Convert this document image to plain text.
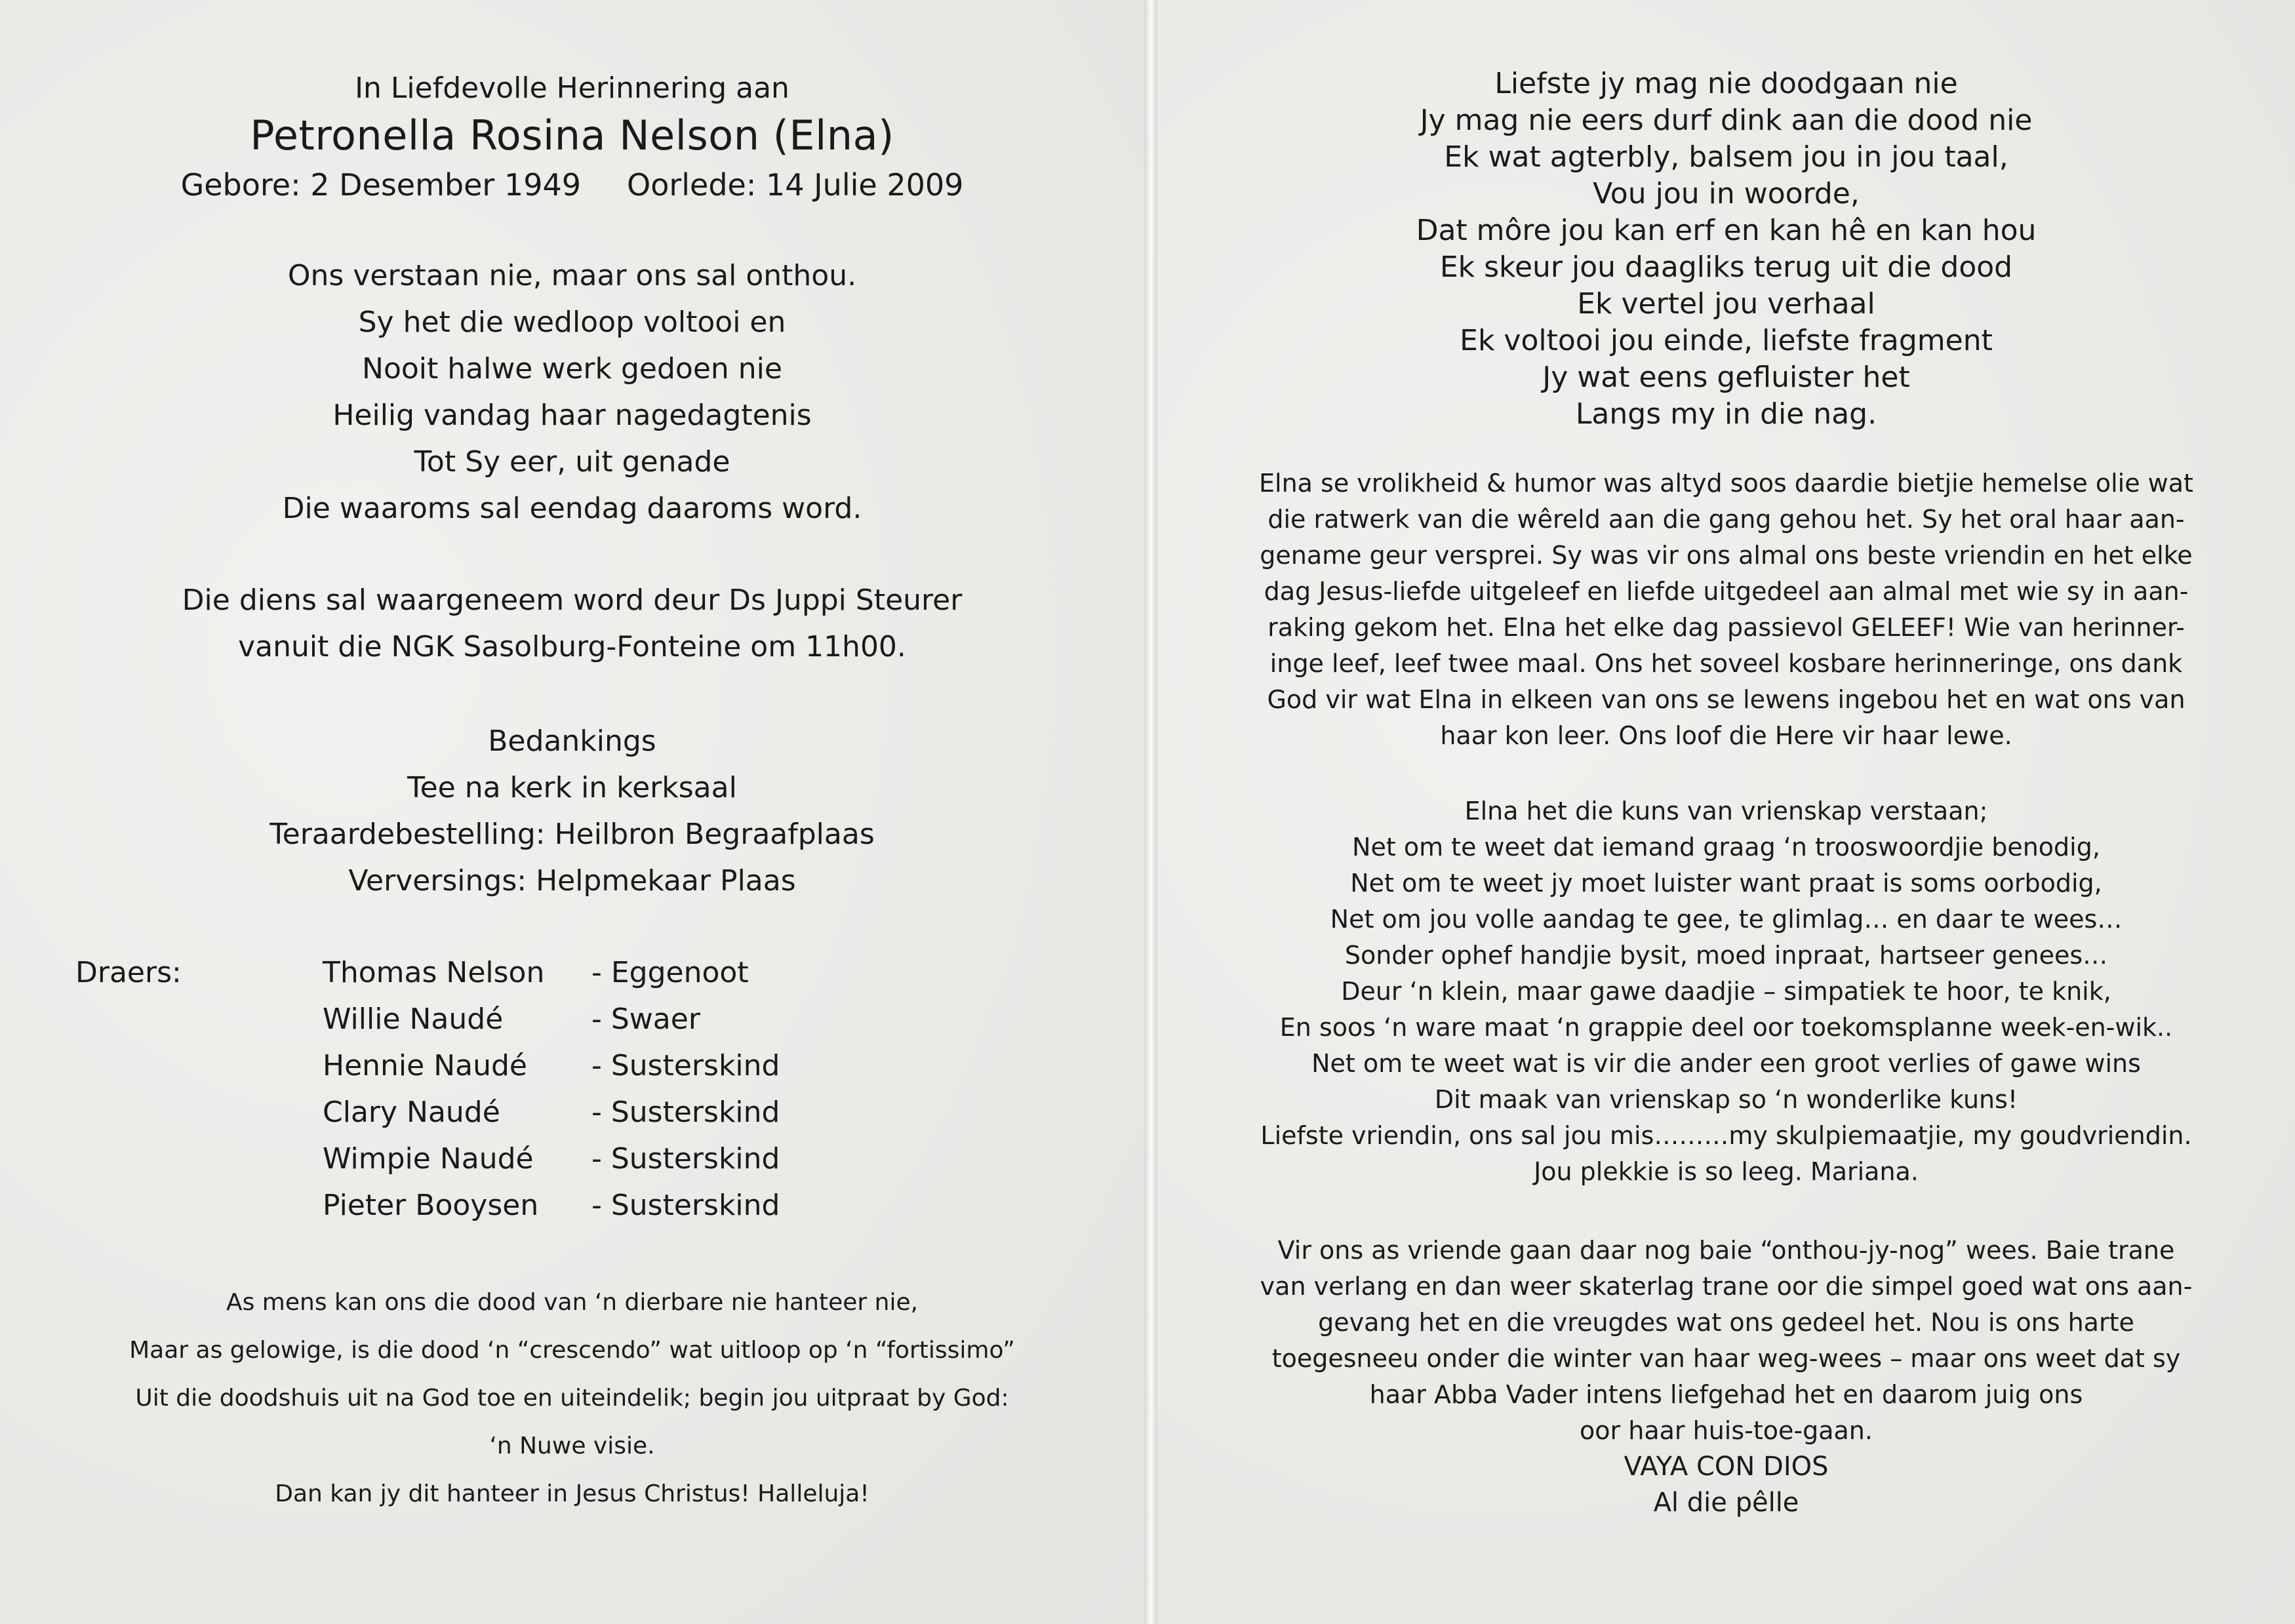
In Liefdevolle Herinnering aan
Petronella Rosina Nelson (Elna)
Gebore: 2 Desember 1949 Oorlede: 14 Julie 2009
Ons verstaan nie, maar ons sal onthou.
Sy het die wedloop voltooi en
Nooit halwe werk gedoen nie
Heilig vandag haar nagedagtenis
Tot Sy eer, uit genade
Die waaroms sal eendag daaroms word.
Die diens sal waargeneem word deur Ds Juppi Steurer
vanuit die NGK Sasolburg-Fonteine om 11h00.
Bedankings
Tee na kerk in kerksaal
Teraardebestelling: Heilbron Begraafplaas
Verversings: Helpmekaar Plaas
Draers:	Thomas Nelson	- Eggenoot
Willie Naudé	- Swaer
Hennie Naudé	- Susterskind
Clary Naudé	- Susterskind
Wimpie Naudé	- Susterskind
Pieter Booysen	- Susterskind
As mens kan ons die dood van ‘n dierbare nie hanteer nie,
Maar as gelowige, is die dood ‘n “crescendo” wat uitloop op ‘n “fortissimo”
Uit die doodshuis uit na God toe en uiteindelik; begin jou uitpraat by God:
‘n Nuwe visie.
Dan kan jy dit hanteer in Jesus Christus! Halleluja!
Liefste jy mag nie doodgaan nie
Jy mag nie eers durf dink aan die dood nie
Ek wat agterbly, balsem jou in jou taal,
Vou jou in woorde,
Dat môre jou kan erf en kan hê en kan hou
Ek skeur jou daagliks terug uit die dood
Ek vertel jou verhaal
Ek voltooi jou einde, liefste fragment
Jy wat eens gefluister het
Langs my in die nag.
Elna se vrolikheid & humor was altyd soos daardie bietjie hemelse olie wat
die ratwerk van die wêreld aan die gang gehou het. Sy het oral haar aan-
gename geur versprei. Sy was vir ons almal ons beste vriendin en het elke
dag Jesus-liefde uitgeleef en liefde uitgedeel aan almal met wie sy in aan-
raking gekom het. Elna het elke dag passievol GELEEF! Wie van herinner-
inge leef, leef twee maal. Ons het soveel kosbare herinneringe, ons dank
God vir wat Elna in elkeen van ons se lewens ingebou het en wat ons van
haar kon leer. Ons loof die Here vir haar lewe.
Elna het die kuns van vrienskap verstaan;
Net om te weet dat iemand graag ‘n trooswoordjie benodig,
Net om te weet jy moet luister want praat is soms oorbodig,
Net om jou volle aandag te gee, te glimlag… en daar te wees…
Sonder ophef handjie bysit, moed inpraat, hartseer genees…
Deur ‘n klein, maar gawe daadjie – simpatiek te hoor, te knik,
En soos ‘n ware maat ‘n grappie deel oor toekomsplanne week-en-wik..
Net om te weet wat is vir die ander een groot verlies of gawe wins
Dit maak van vrienskap so ‘n wonderlike kuns!
Liefste vriendin, ons sal jou mis………my skulpiemaatjie, my goudvriendin.
Jou plekkie is so leeg. Mariana.
Vir ons as vriende gaan daar nog baie “onthou-jy-nog” wees. Baie trane
van verlang en dan weer skaterlag trane oor die simpel goed wat ons aan-
gevang het en die vreugdes wat ons gedeel het. Nou is ons harte
toegesneeu onder die winter van haar weg-wees – maar ons weet dat sy
haar Abba Vader intens liefgehad het en daarom juig ons
oor haar huis-toe-gaan.
VAYA CON DIOS
Al die pêlle
